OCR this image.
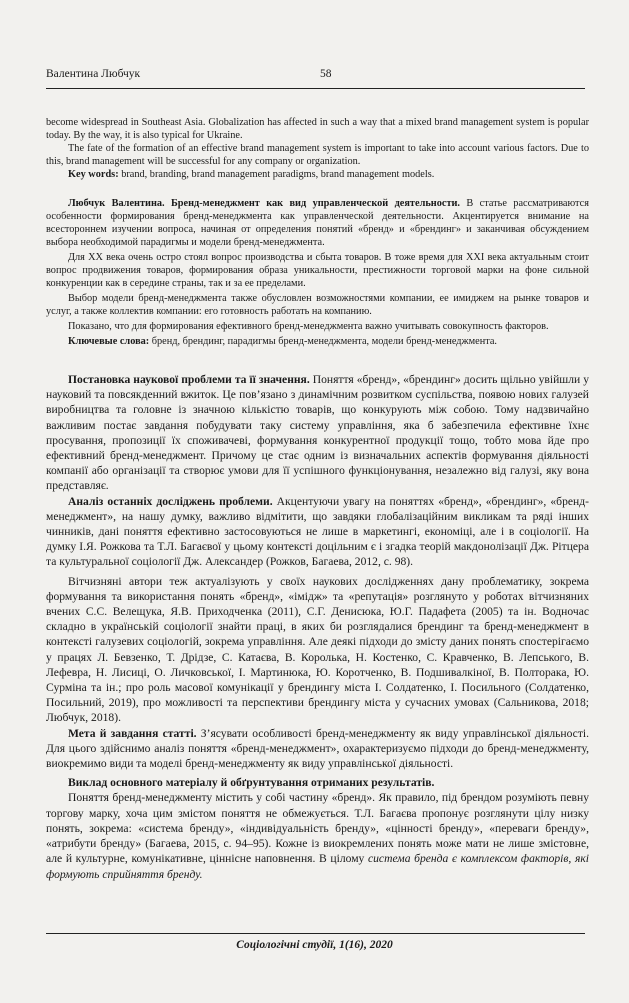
Валентина Любчук	58

become widespread in Southeast Asia. Globalization has affected in such a way that a mixed brand management system is popular today. By the way, it is also typical for Ukraine.

The fate of the formation of an effective brand management system is important to take into account various factors. Due to this, brand management will be successful for any company or organization.

Key words: brand, branding, brand management paradigms, brand management models.

Любчук Валентина. Бренд-менеджмент как вид управленческой деятельности. В статье рассматриваются особенности формирования бренд-менеджмента как управленческой деятельности. Акцентируется внимание на всестороннем изучении вопроса, начиная от определения понятий «бренд» и «брендинг» и заканчивая обсуждением выбора необходимой парадигмы и модели бренд-менеджмента.

Для XX века очень остро стоял вопрос производства и сбыта товаров. В тоже время для XXI века актуальным стоит вопрос продвижения товаров, формирования образа уникальности, престижности торговой марки на фоне сильной конкуренции как в середине страны, так и за ее пределами.

Выбор модели бренд-менеджмента также обусловлен возможностями компании, ее имиджем на рынке товаров и услуг, а также коллектив компании: его готовность работать на компанию.

Показано, что для формирования ефективного бренд-менеджмента важно учитывать совокупность факторов.

Ключевые слова: бренд, брендинг, парадигмы бренд-менеджмента, модели бренд-менеджмента.

Постановка наукової проблеми та її значення. Поняття «бренд», «брендинг» досить щільно увійшли у науковий та повсякденний вжиток. Це пов’язано з динамічним розвитком суспільства, появою нових галузей виробництва та головне із значною кількістю товарів, що конкурують між собою. Тому надзвичайно важливим постає завдання побудувати таку систему управління, яка б забезпечила ефективне їхнє просування, пропозиції їх споживачеві, формування конкурентної продукції тощо, тобто мова йде про ефективний бренд-менеджмент. Причому це стає одним із визначальних аспектів формування діяльності компанії або організації та створює умови для її успішного функціонування, незалежно від галузі, яку вона представляє.

Аналіз останніх досліджень проблеми. Акцентуючи увагу на поняттях «бренд», «брендинг», «бренд-менеджмент», на нашу думку, важливо відмітити, що завдяки глобалізаційним викликам та ряді інших чинників, дані поняття ефективно застосовуються не лише в маркетингі, економіці, але і в соціології. На думку І.Я. Рожкова та Т.Л. Багаєвої у цьому контексті доцільним є і згадка теорій макдонолізації Дж. Рітцера та культуральної соціології Дж. Александер (Рожков, Багаева, 2012, с. 98).

Вітчизняні автори теж актуалізують у своїх наукових дослідженнях дану проблематику, зокрема формування та використання понять «бренд», «імідж» та «репутація» розглянуто у роботах вітчизняних вчених С.С. Велещука, Я.В. Приходченка (2011), С.Г. Денисюка, Ю.Г. Падафета (2005) та ін. Водночас складно в українській соціології знайти праці, в яких би розглядалися брендинг та бренд-менеджмент в контексті галузевих соціологій, зокрема управління. Але деякі підходи до змісту даних понять спостерігаємо у працях Л. Бевзенко, Т. Дрідзе, С. Катаєва, В. Королька, Н. Костенко, С. Кравченко, В. Лепського, В. Лефевра, Н. Лисиці, О. Личковської, І. Мартинюка, Ю. Коротченко, В. Подшивалкіної, В. Полторака, Ю. Сурміна та ін.; про роль масової комунікації у брендингу міста І. Солдатенко, І. Посильного (Солдатенко, Посильний, 2019), про можливості та перспективи брендингу міста у сучасних умовах (Сальникова, 2018; Любчук, 2018).

Мета й завдання статті. З’ясувати особливості бренд-менеджменту як виду управлінської діяльності. Для цього здійснимо аналіз поняття «бренд-менеджмент», охарактеризуємо підходи до бренд-менеджменту, виокремимо види та моделі бренд-менеджменту як виду управлінської діяльності.

Виклад основного матеріалу й обґрунтування отриманих результатів.

Поняття бренд-менеджменту містить у собі частину «бренд». Як правило, під брендом розуміють певну торгову марку, хоча цим змістом поняття не обмежується. Т.Л. Багаєва пропонує розглянути цілу низку понять, зокрема: «система бренду», «індивідуальність бренду», «цінності бренду», «переваги бренду», «атрибути бренду» (Багаева, 2015, с. 94–95). Кожне із виокремлених понять може мати не лише змістовне, але й культурне, комунікативне, ціннісне наповнення. В цілому система бренда є комплексом факторів, які формують сприйняття бренду.

Соціологічні студії, 1(16), 2020
